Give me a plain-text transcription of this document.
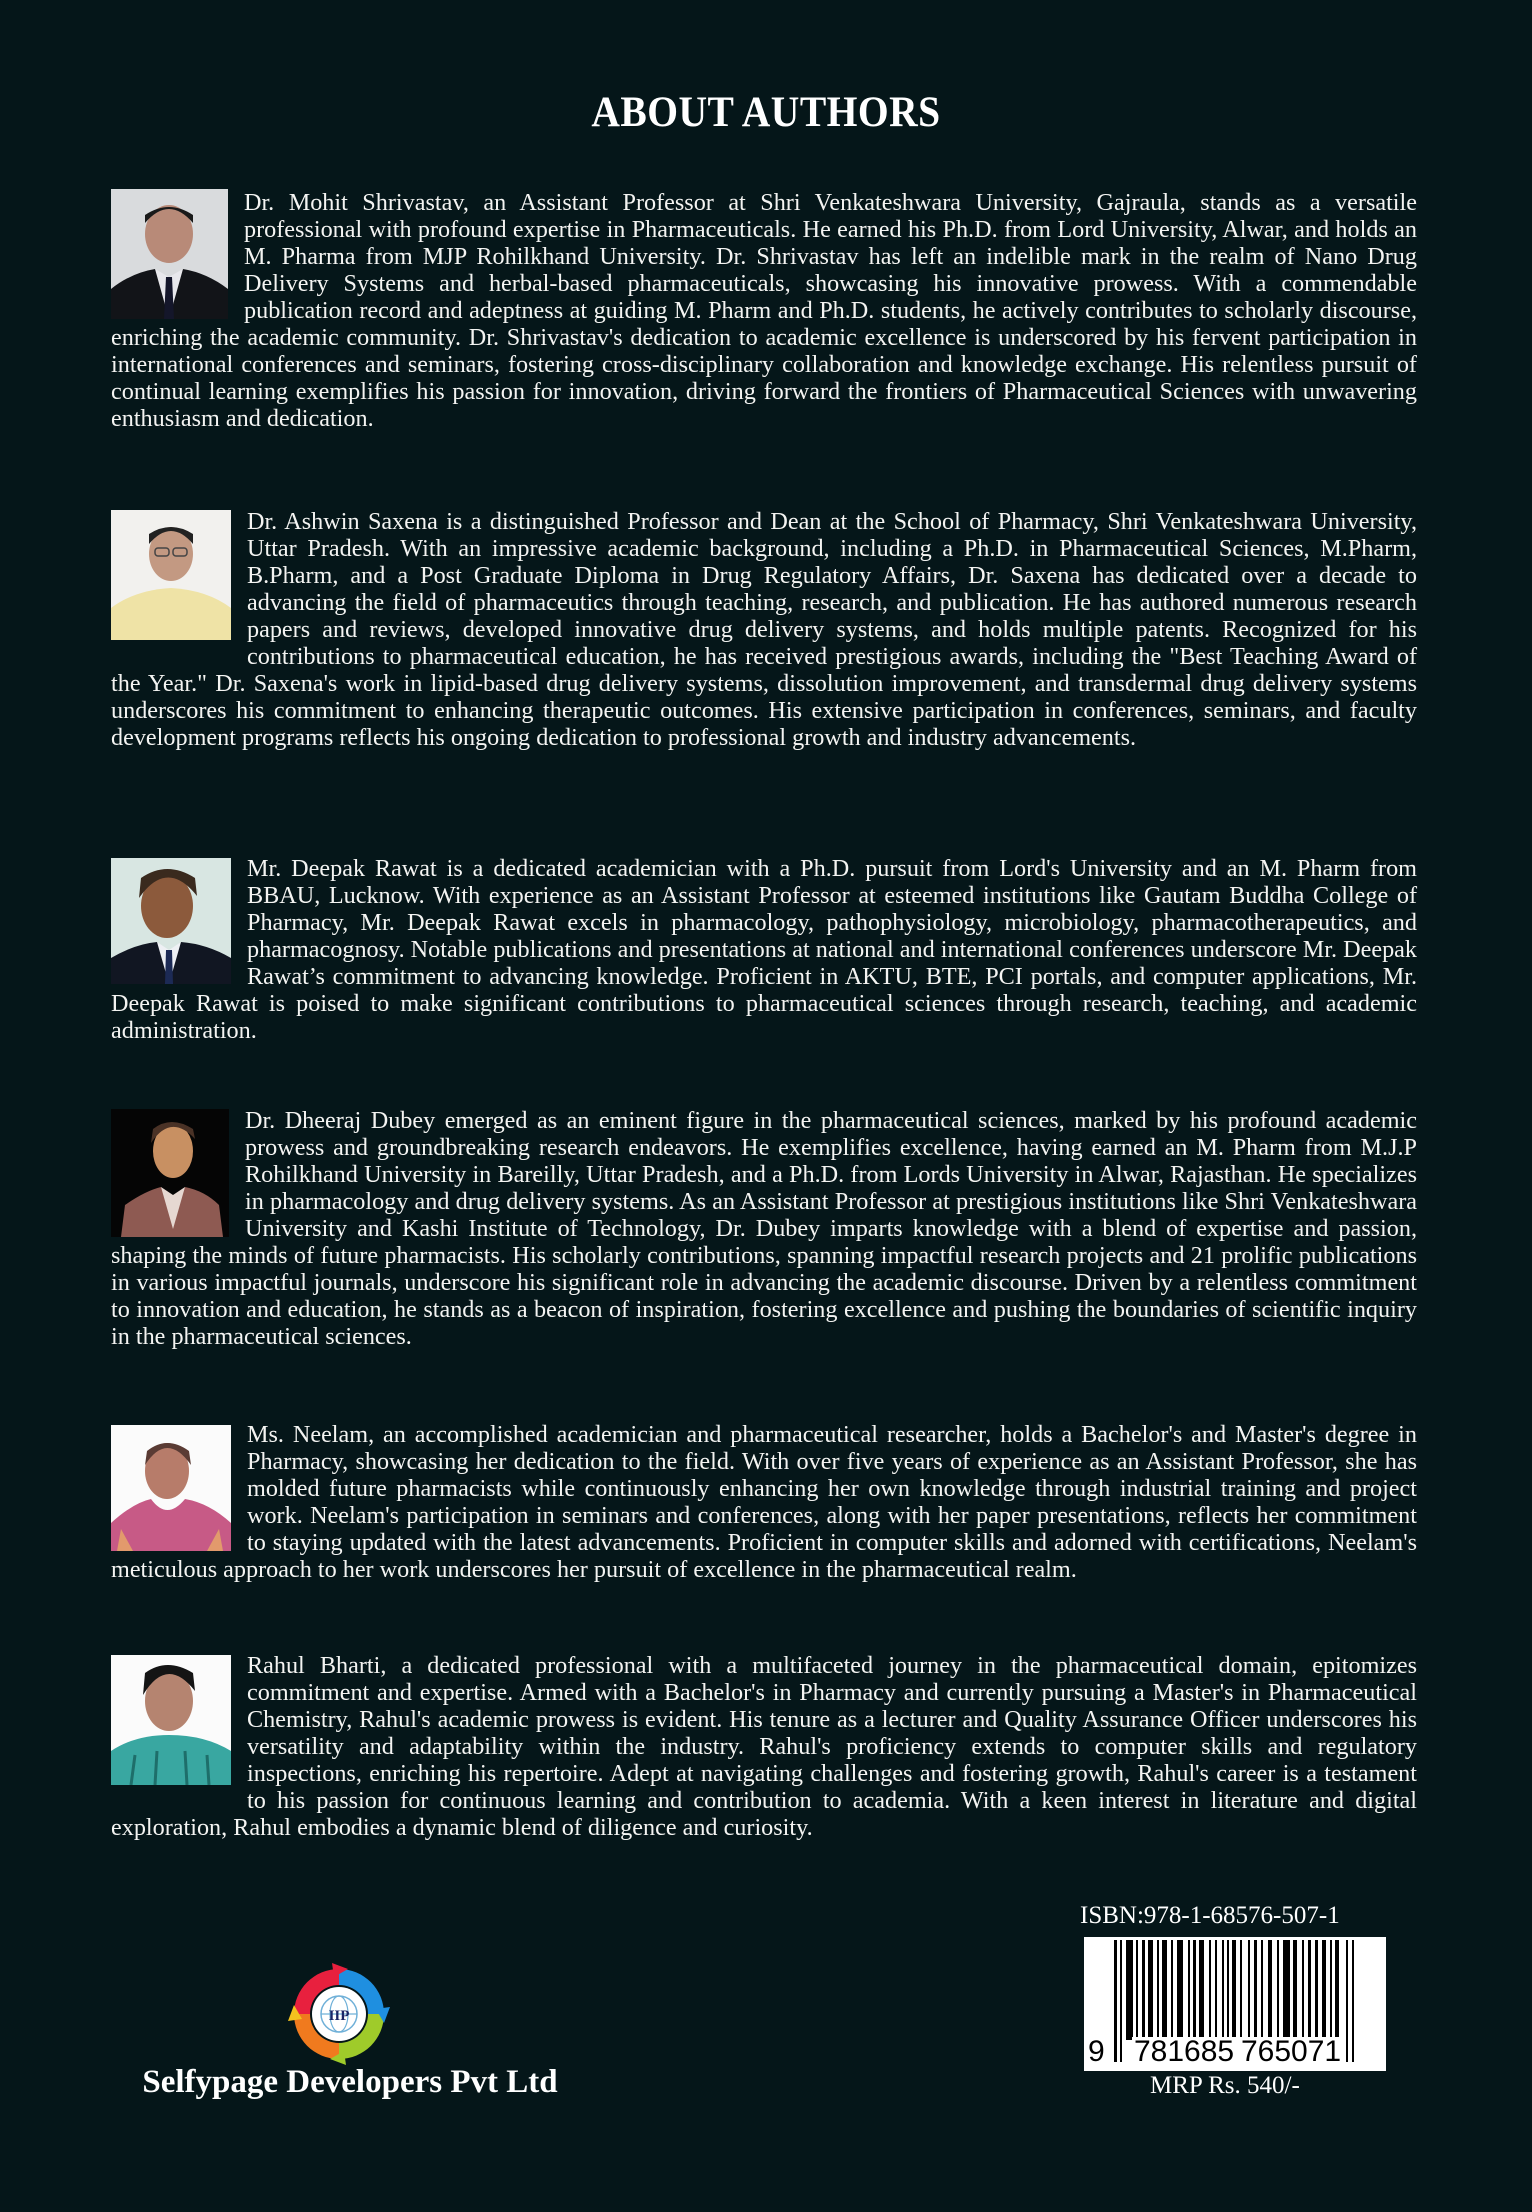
ABOUT AUTHORS

Dr. Mohit Shrivastav, an Assistant Professor at Shri Venkateshwara University, Gajraula, stands as a versatile professional with profound expertise in Pharmaceuticals. He earned his Ph.D. from Lord University, Alwar, and holds an M. Pharma from MJP Rohilkhand University. Dr. Shrivastav has left an indelible mark in the realm of Nano Drug Delivery Systems and herbal-based pharmaceuticals, showcasing his innovative prowess. With a commendable publication record and adeptness at guiding M. Pharm and Ph.D. students, he actively contributes to scholarly discourse, enriching the academic community. Dr. Shrivastav's dedication to academic excellence is underscored by his fervent participation in international conferences and seminars, fostering cross-disciplinary collaboration and knowledge exchange. His relentless pursuit of continual learning exemplifies his passion for innovation, driving forward the frontiers of Pharmaceutical Sciences with unwavering enthusiasm and dedication.

Dr. Ashwin Saxena is a distinguished Professor and Dean at the School of Pharmacy, Shri Venkateshwara University, Uttar Pradesh. With an impressive academic background, including a Ph.D. in Pharmaceutical Sciences, M.Pharm, B.Pharm, and a Post Graduate Diploma in Drug Regulatory Affairs, Dr. Saxena has dedicated over a decade to advancing the field of pharmaceutics through teaching, research, and publication. He has authored numerous research papers and reviews, developed innovative drug delivery systems, and holds multiple patents. Recognized for his contributions to pharmaceutical education, he has received prestigious awards, including the "Best Teaching Award of the Year." Dr. Saxena's work in lipid-based drug delivery systems, dissolution improvement, and transdermal drug delivery systems underscores his commitment to enhancing therapeutic outcomes. His extensive participation in conferences, seminars, and faculty development programs reflects his ongoing dedication to professional growth and industry advancements.

Mr. Deepak Rawat is a dedicated academician with a Ph.D. pursuit from Lord's University and an M. Pharm from BBAU, Lucknow. With experience as an Assistant Professor at esteemed institutions like Gautam Buddha College of Pharmacy, Mr. Deepak Rawat excels in pharmacology, pathophysiology, microbiology, pharmacotherapeutics, and pharmacognosy. Notable publications and presentations at national and international conferences underscore Mr. Deepak Rawat’s commitment to advancing knowledge. Proficient in AKTU, BTE, PCI portals, and computer applications, Mr. Deepak Rawat is poised to make significant contributions to pharmaceutical sciences through research, teaching, and academic administration.

Dr. Dheeraj Dubey emerged as an eminent figure in the pharmaceutical sciences, marked by his profound academic prowess and groundbreaking research endeavors. He exemplifies excellence, having earned an M. Pharm from M.J.P Rohilkhand University in Bareilly, Uttar Pradesh, and a Ph.D. from Lords University in Alwar, Rajasthan. He specializes in pharmacology and drug delivery systems. As an Assistant Professor at prestigious institutions like Shri Venkateshwara University and Kashi Institute of Technology, Dr. Dubey imparts knowledge with a blend of expertise and passion, shaping the minds of future pharmacists. His scholarly contributions, spanning impactful research projects and 21 prolific publications in various impactful journals, underscore his significant role in advancing the academic discourse. Driven by a relentless commitment to innovation and education, he stands as a beacon of inspiration, fostering excellence and pushing the boundaries of scientific inquiry in the pharmaceutical sciences.

Ms. Neelam, an accomplished academician and pharmaceutical researcher, holds a Bachelor's and Master's degree in Pharmacy, showcasing her dedication to the field. With over five years of experience as an Assistant Professor, she has molded future pharmacists while continuously enhancing her own knowledge through industrial training and project work. Neelam's participation in seminars and conferences, along with her paper presentations, reflects her commitment to staying updated with the latest advancements. Proficient in computer skills and adorned with certifications, Neelam's meticulous approach to her work underscores her pursuit of excellence in the pharmaceutical realm.

Rahul Bharti, a dedicated professional with a multifaceted journey in the pharmaceutical domain, epitomizes commitment and expertise. Armed with a Bachelor's in Pharmacy and currently pursuing a Master's in Pharmaceutical Chemistry, Rahul's academic prowess is evident. His tenure as a lecturer and Quality Assurance Officer underscores his versatility and adaptability within the industry. Rahul's proficiency extends to computer skills and regulatory inspections, enriching his repertoire. Adept at navigating challenges and fostering growth, Rahul's career is a testament to his passion for continuous learning and contribution to academia. With a keen interest in literature and digital exploration, Rahul embodies a dynamic blend of diligence and curiosity.

IIP
Selfypage Developers Pvt Ltd
ISBN:978-1-68576-507-1
9 781685 765071
MRP Rs. 540/-
